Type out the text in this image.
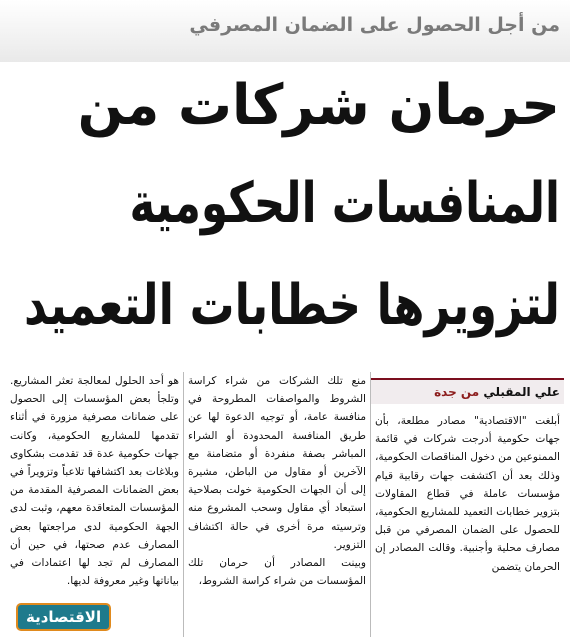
من أجل الحصول على الضمان المصرفي
حرمان شركات من
المنافسات الحكومية
لتزويرها خطابات التعميد
علي المقبلي من جدة

أبلغت "الاقتصادية" مصادر مطلعة، بأن جهات حكومية أدرجت شركات في قائمة الممنوعين من دخول المناقصات الحكومية، وذلك بعد أن اكتشفت جهات رقابية قيام مؤسسات عاملة في قطاع المقاولات بتزوير خطابات التعميد للمشاريع الحكومية، للحصول على الضمان المصرفي من قبل مصارف محلية وأجنبية. وقالت المصادر إن الحرمان يتضمن

منع تلك الشركات من شراء كراسة الشروط والمواصفات المطروحة في منافسة عامة، أو توجيه الدعوة لها عن طريق المنافسة المحدودة أو الشراء المباشر بصفة منفردة أو متضامنة مع الآخرين أو مقاول من الباطن، مشيرة إلى أن الجهات الحكومية خولت بصلاحية استبعاد أي مقاول وسحب المشروع منه وترسيته مرة أخرى في حالة اكتشاف التزوير.

وبينت المصادر أن حرمان تلك المؤسسات من شراء كراسة الشروط،

هو أحد الحلول لمعالجة تعثر المشاريع. وتلجأ بعض المؤسسات إلى الحصول على ضمانات مصرفية مزورة في أثناء تقدمها للمشاريع الحكومية، وكانت جهات حكومية عدة قد تقدمت بشكاوى وبلاغات بعد اكتشافها تلاعباً وتزويراً في بعض الضمانات المصرفية المقدمة من المؤسسات المتعاقدة معهم، وثبت لدى الجهة الحكومية لدى مراجعتها بعض المصارف عدم صحتها، في حين أن المصارف لم تجد لها اعتمادات في بياناتها وغير معروفة لديها.

الاقتصادية
